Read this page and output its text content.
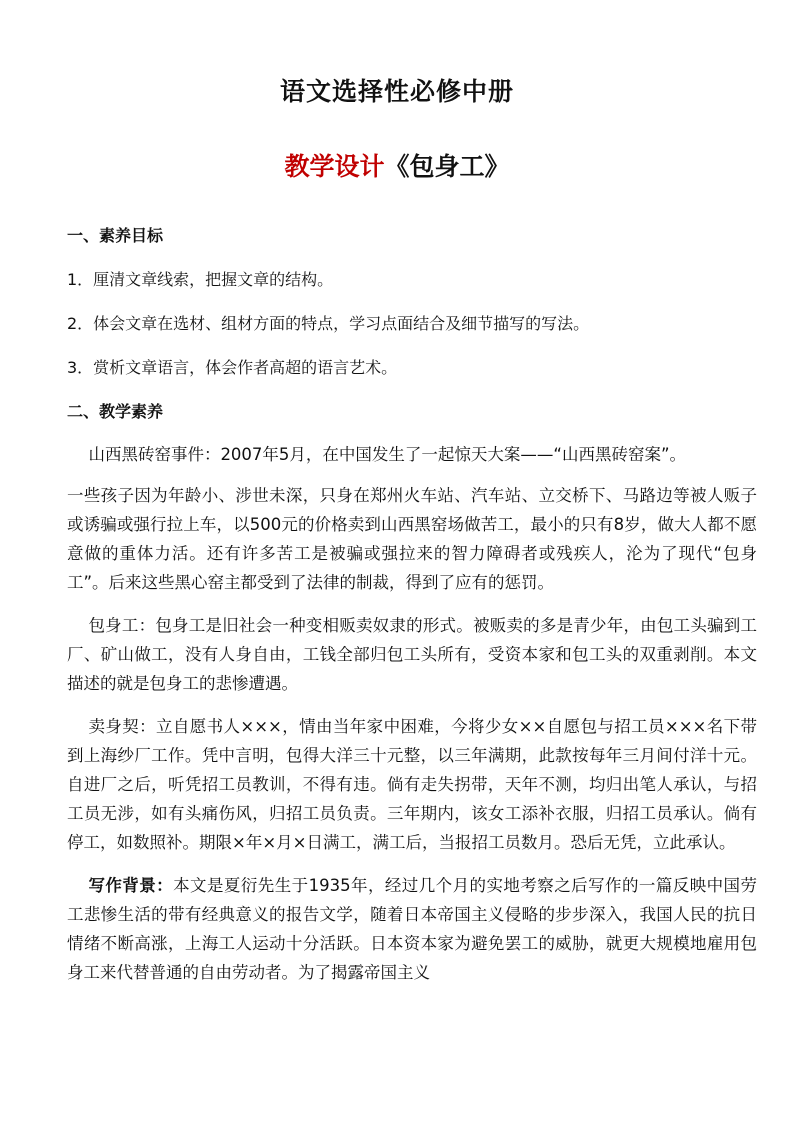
语文选择性必修中册
教学设计《包身工》

一、素养目标

1．厘清文章线索，把握文章的结构。

2．体会文章在选材、组材方面的特点，学习点面结合及细节描写的写法。

3．赏析文章语言，体会作者高超的语言艺术。

二、教学素养

山西黑砖窑事件：2007年5月，在中国发生了一起惊天大案——“山西黑砖窑案”。

一些孩子因为年龄小、涉世未深，只身在郑州火车站、汽车站、立交桥下、马路边等被人贩子或诱骗或强行拉上车，以500元的价格卖到山西黑窑场做苦工，最小的只有8岁，做大人都不愿意做的重体力活。还有许多苦工是被骗或强拉来的智力障碍者或残疾人，沦为了现代“包身工”。后来这些黑心窑主都受到了法律的制裁，得到了应有的惩罚。

包身工：包身工是旧社会一种变相贩卖奴隶的形式。被贩卖的多是青少年，由包工头骗到工厂、矿山做工，没有人身自由，工钱全部归包工头所有，受资本家和包工头的双重剥削。本文描述的就是包身工的悲惨遭遇。

卖身契：立自愿书人×××，情由当年家中困难，今将少女××自愿包与招工员×××名下带到上海纱厂工作。凭中言明，包得大洋三十元整，以三年满期，此款按每年三月间付洋十元。自进厂之后，听凭招工员教训，不得有违。倘有走失拐带，天年不测，均归出笔人承认，与招工员无涉，如有头痛伤风，归招工员负责。三年期内，该女工添补衣服，归招工员承认。倘有停工，如数照补。期限×年×月×日满工，满工后，当报招工员数月。恐后无凭，立此承认。

写作背景：本文是夏衍先生于1935年，经过几个月的实地考察之后写作的一篇反映中国劳工悲惨生活的带有经典意义的报告文学，随着日本帝国主义侵略的步步深入，我国人民的抗日情绪不断高涨，上海工人运动十分活跃。日本资本家为避免罢工的威胁，就更大规模地雇用包身工来代替普通的自由劳动者。为了揭露帝国主义
